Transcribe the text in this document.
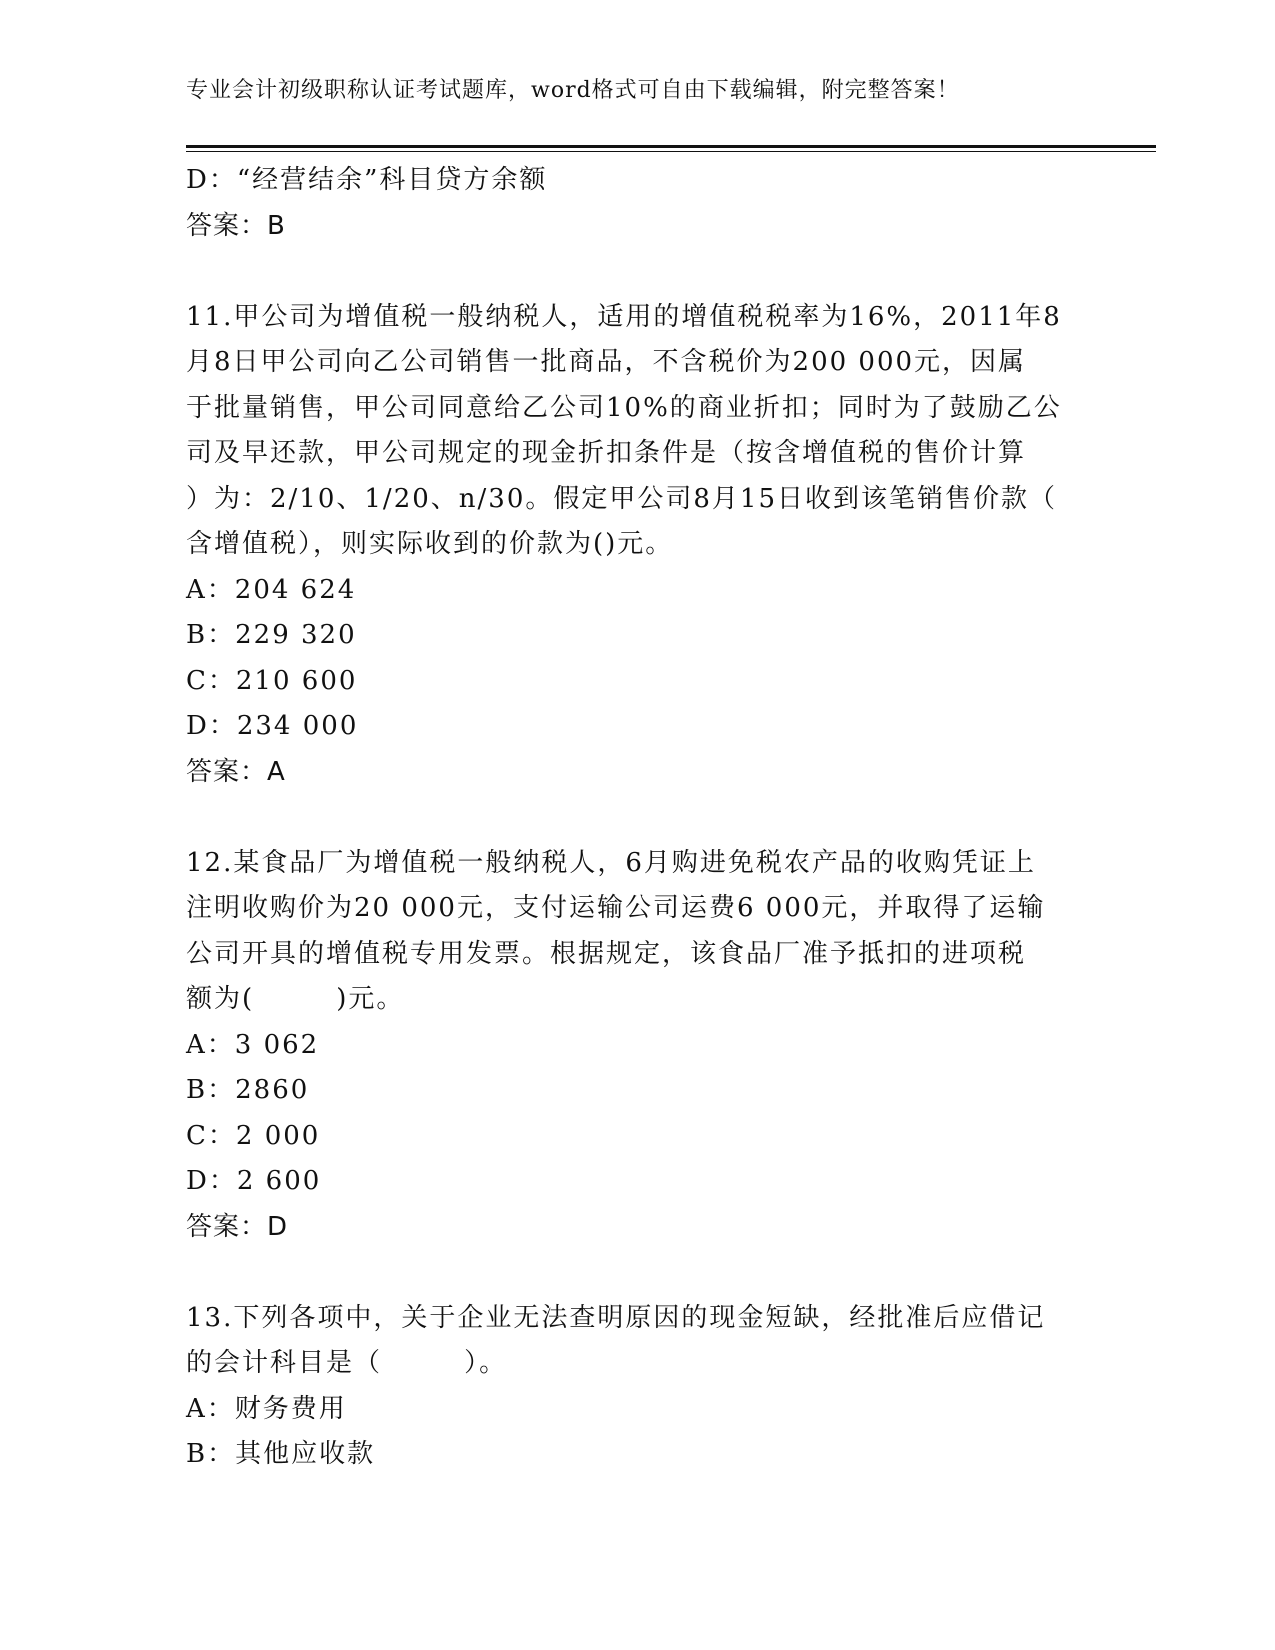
专业会计初级职称认证考试题库，word格式可自由下载编辑，附完整答案！
D：“经营结余”科目贷方余额
答案：B
11.甲公司为增值税一般纳税人，适用的增值税税率为16%，2011年8
月8日甲公司向乙公司销售一批商品，不含税价为200 000元，因属
于批量销售，甲公司同意给乙公司10%的商业折扣；同时为了鼓励乙公
司及早还款，甲公司规定的现金折扣条件是（按含增值税的售价计算
）为：2/10、1/20、n/30。假定甲公司8月15日收到该笔销售价款（
含增值税），则实际收到的价款为()元。
A：204 624
B：229 320
C：210 600
D：234 000
答案：A
12.某食品厂为增值税一般纳税人，6月购进免税农产品的收购凭证上
注明收购价为20 000元，支付运输公司运费6 000元，并取得了运输
公司开具的增值税专用发票。根据规定，该食品厂准予抵扣的进项税
额为(        )元。
A：3 062
B：2860
C：2 000
D：2 600
答案：D
13.下列各项中，关于企业无法查明原因的现金短缺，经批准后应借记
的会计科目是（        ）。
A：财务费用
B：其他应收款
